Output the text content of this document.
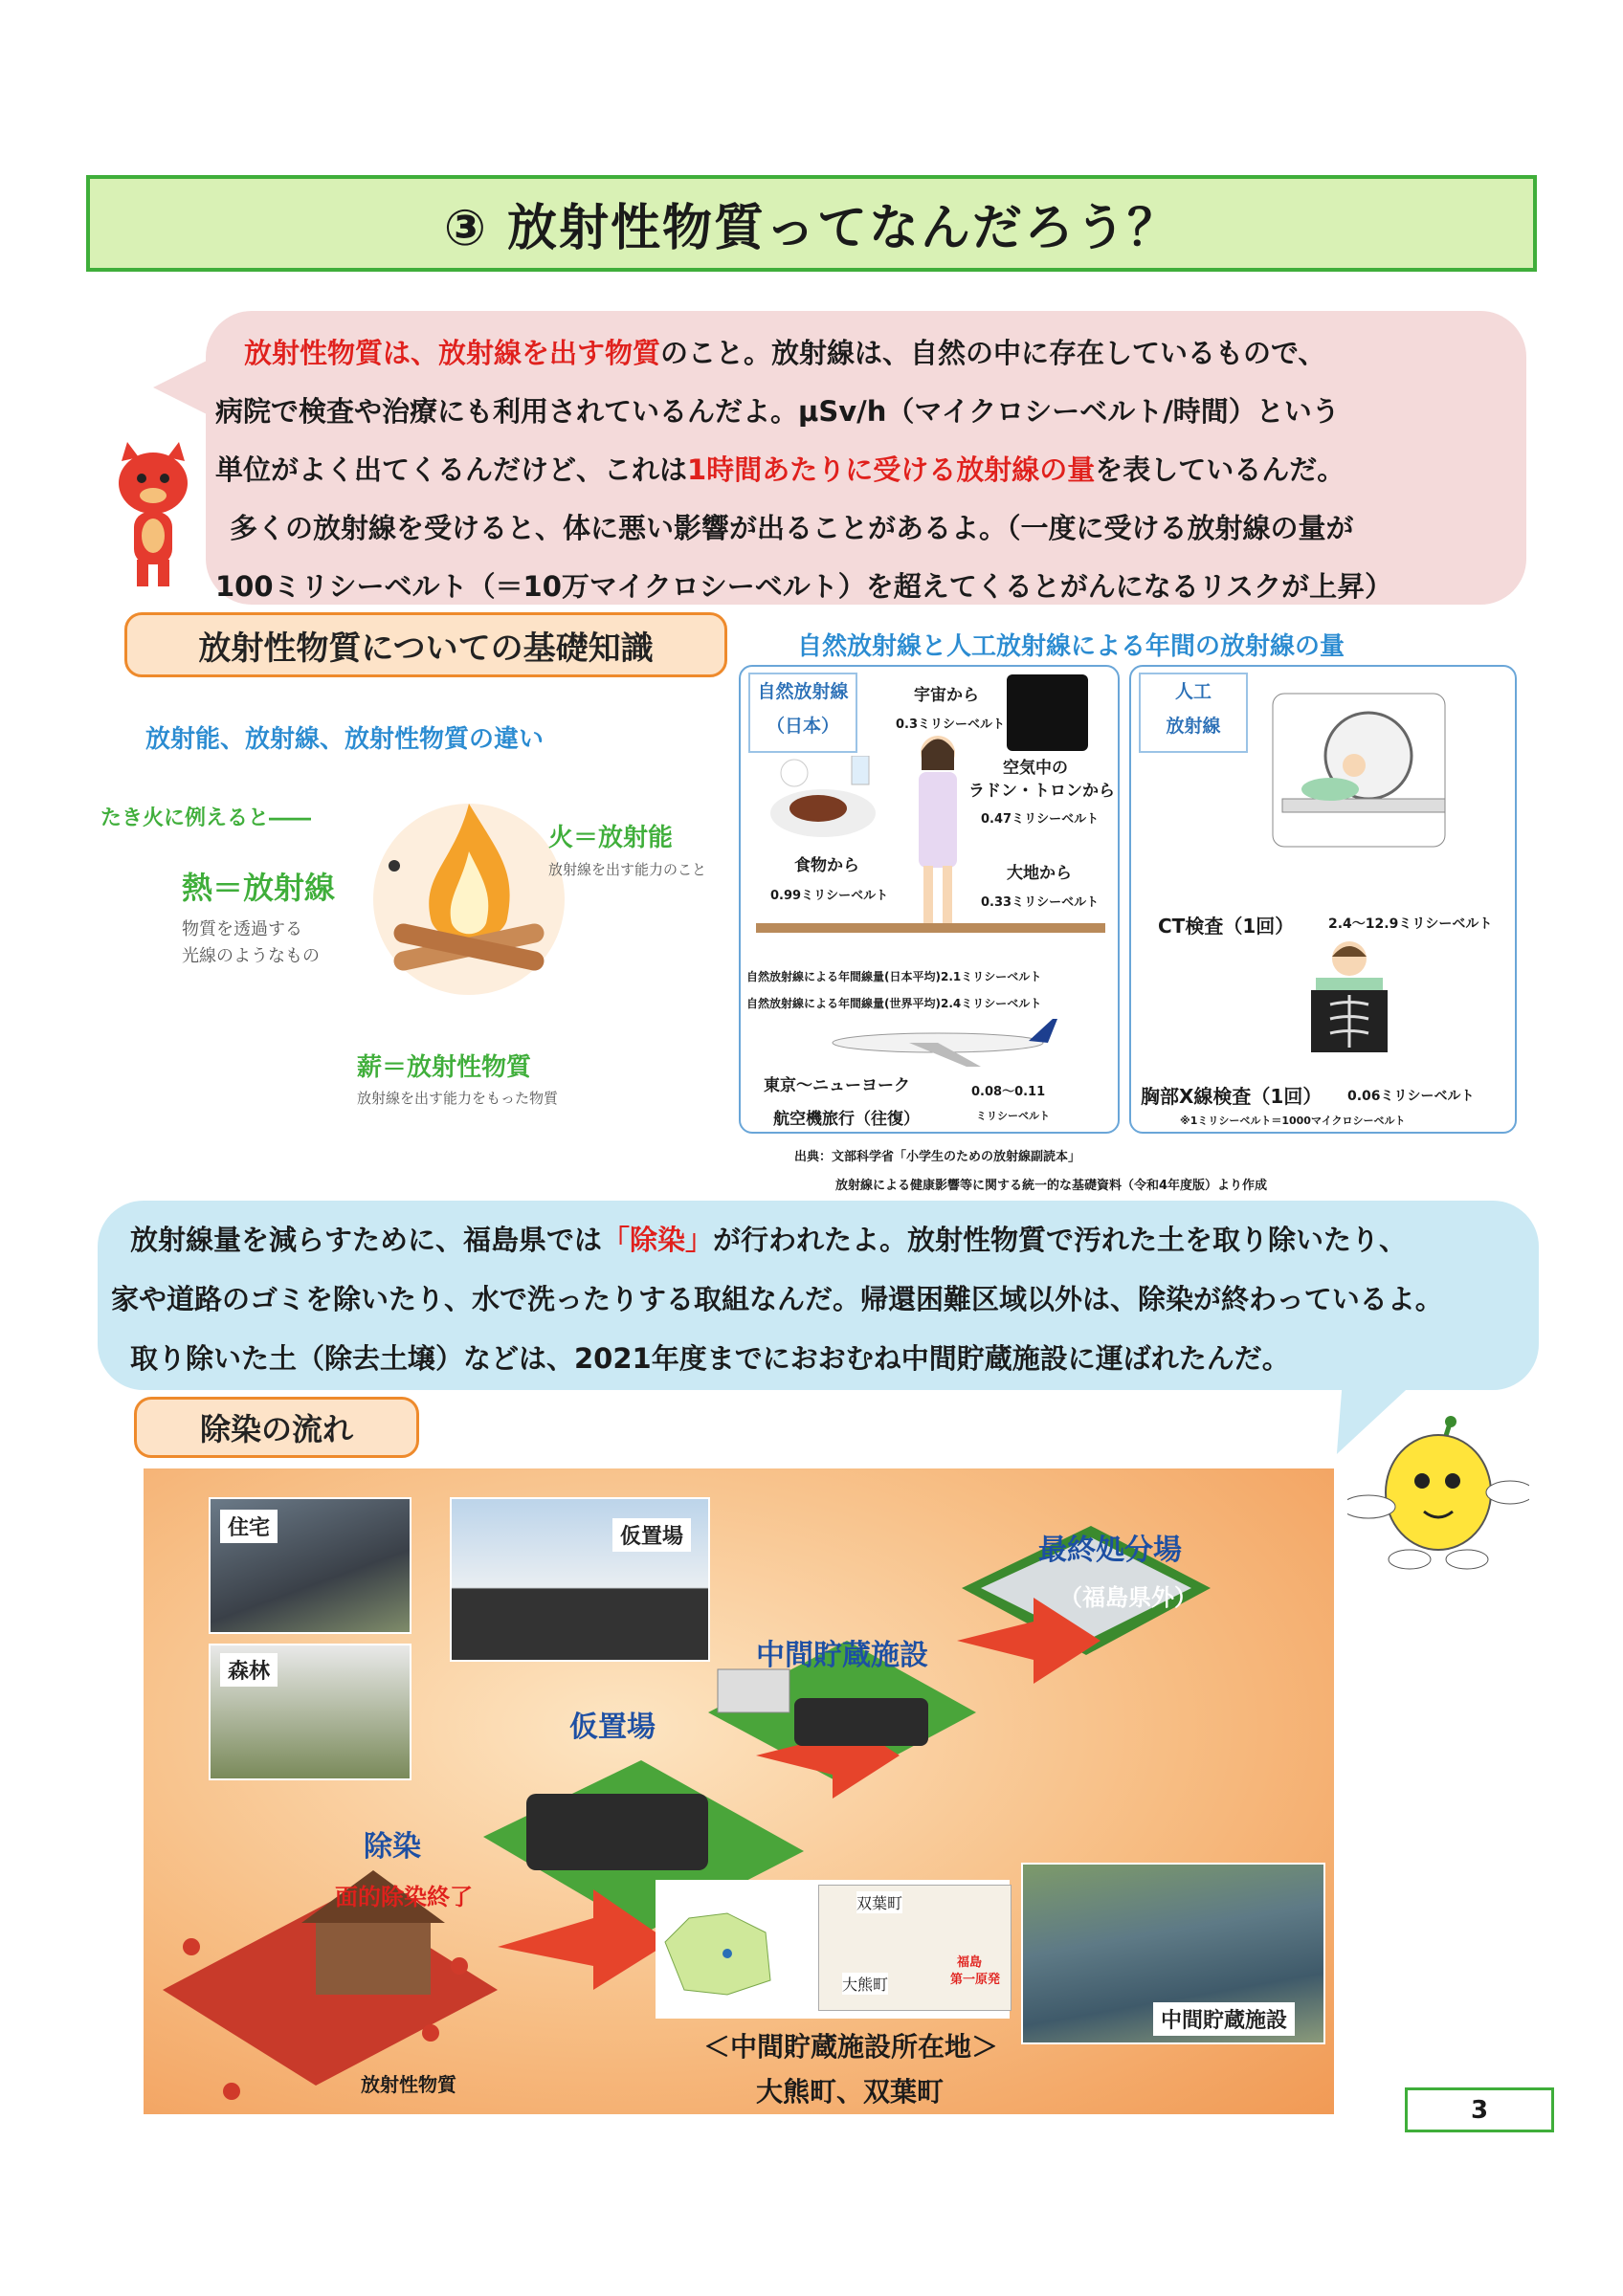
③ 放射性物質ってなんだろう？

放射性物質は、放射線を出す物質のこと。放射線は、自然の中に存在しているもので、

病院で検査や治療にも利用されているんだよ。μSv/h（マイクロシーベルト/時間）という

単位がよく出てくるんだけど、これは1時間あたりに受ける放射線の量を表しているんだ。

多くの放射線を受けると、体に悪い影響が出ることがあるよ。（一度に受ける放射線の量が

100ミリシーベルト（＝10万マイクロシーベルト）を超えてくるとがんになるリスクが上昇）

放射性物質についての基礎知識
放射能、放射線、放射性物質の違い
たき火に例えると――
熱＝放射線
物質を透過する
光線のようなもの
火＝放射能
放射線を出す能力のこと
薪＝放射性物質
放射線を出す能力をもった物質
自然放射線と人工放射線による年間の放射線の量
自然放射線
（日本）
宇宙から
0.3ミリシーベルト
空気中の
ラドン・トロンから
0.47ミリシーベルト
食物から
0.99ミリシーベルト
大地から
0.33ミリシーベルト
自然放射線による年間線量(日本平均)2.1ミリシーベルト
自然放射線による年間線量(世界平均)2.4ミリシーベルト
東京～ニューヨーク
航空機旅行（往復）
0.08～0.11
ミリシーベルト
人工
放射線
CT検査（1回）	2.4～12.9ミリシーベルト
胸部X線検査（1回） 0.06ミリシーベルト
※1ミリシーベルト＝1000マイクロシーベルト
出典：文部科学省「小学生のための放射線副読本」
放射線による健康影響等に関する統一的な基礎資料（令和4年度版）より作成

放射線量を減らすために、福島県では「除染」が行われたよ。放射性物質で汚れた土を取り除いたり、

家や道路のゴミを除いたり、水で洗ったりする取組なんだ。帰還困難区域以外は、除染が終わっているよ。

取り除いた土（除去土壌）などは、2021年度までにおおむね中間貯蔵施設に運ばれたんだ。

除染の流れ
住宅
森林
仮置場
除染
面的除染終了
仮置場
中間貯蔵施設
最終処分場
（福島県外）
双葉町
大熊町
福島
第一原発
＜中間貯蔵施設所在地＞
大熊町、双葉町
中間貯蔵施設
放射性物質
3
